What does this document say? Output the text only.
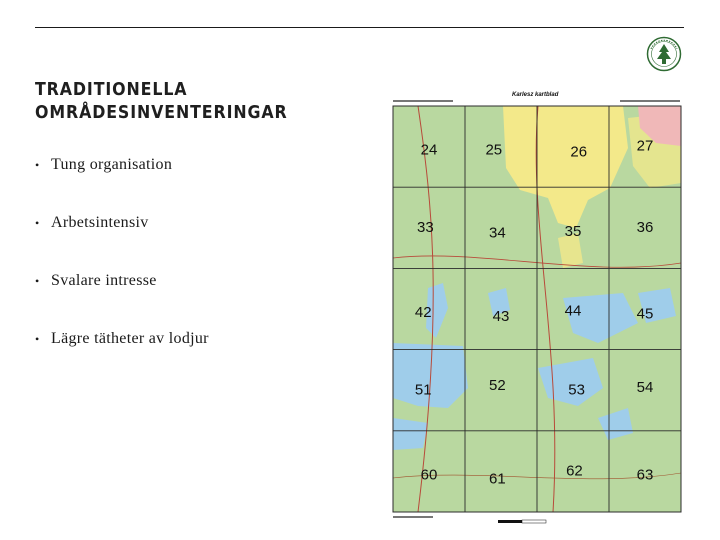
TRADITIONELLA
OMRÅDESINVENTERINGAR
• Tung organisation
• Arbetsintensiv
• Svalare intresse
• Lägre tätheter av lodjur
Karlesz kartblad
24	25	26	27
33	34	35	36
42	43	44	45
51	52	53	54
60	61	62	63
